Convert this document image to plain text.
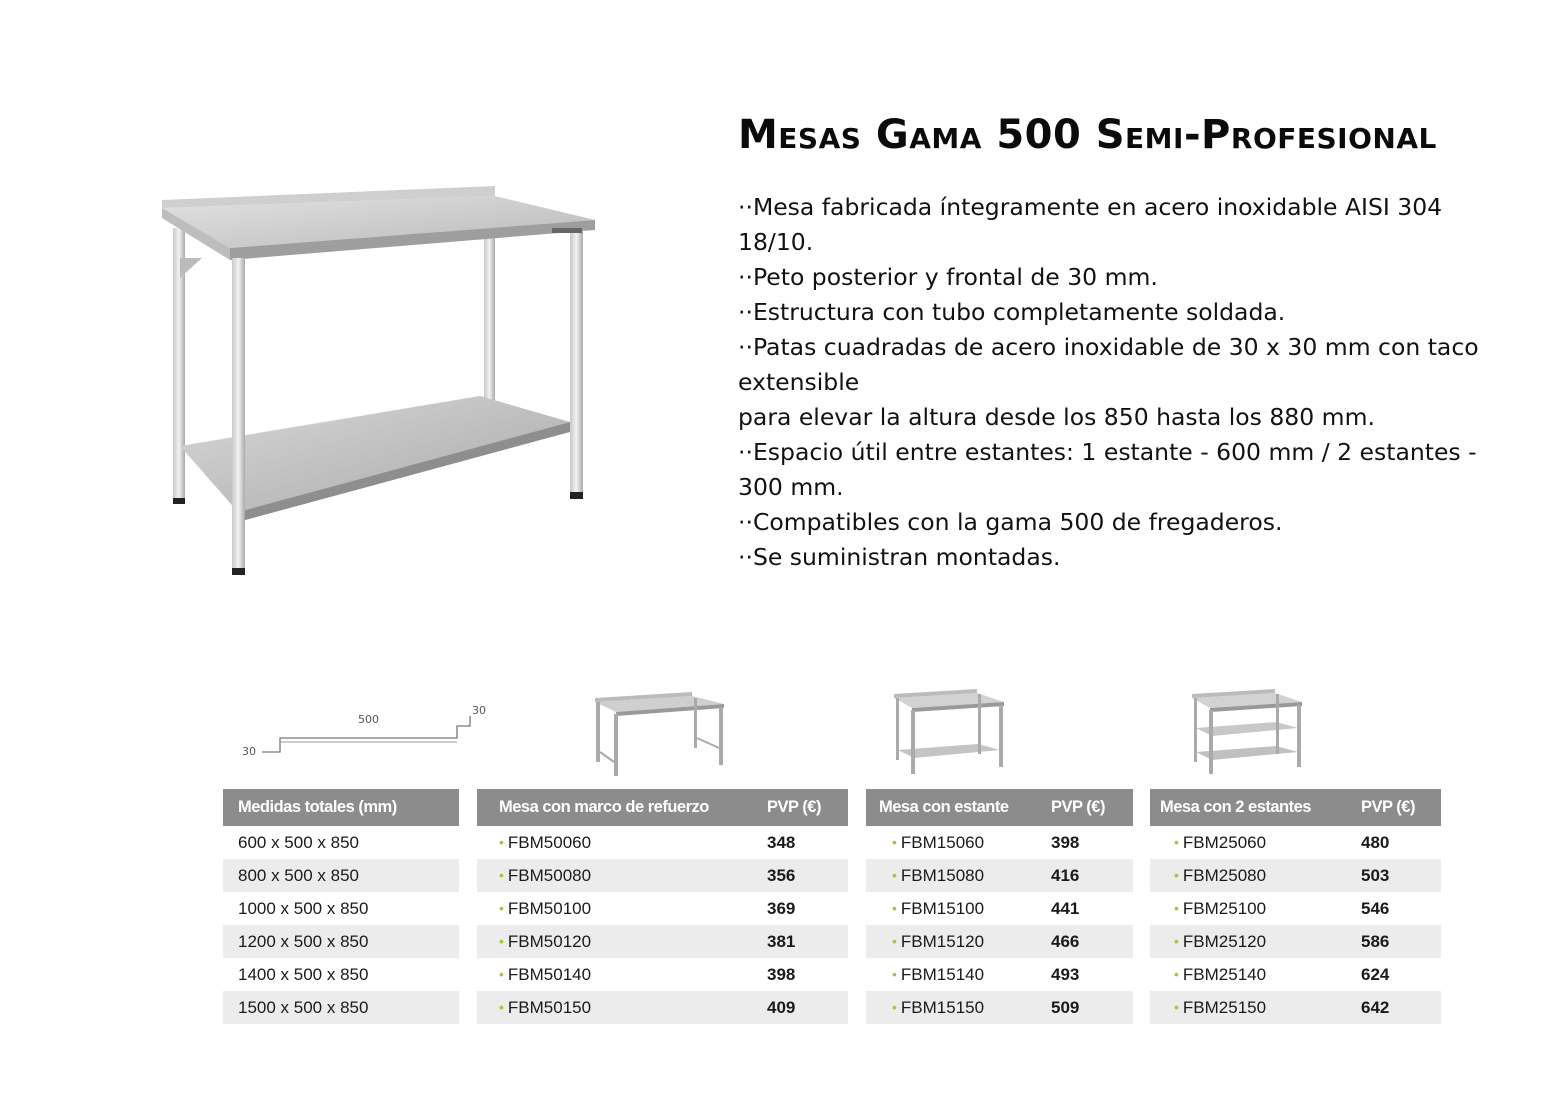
Mesas Gama 500 Semi-Profesional
··Mesa fabricada íntegramente en acero inoxidable AISI 304
18/10.
··Peto posterior y frontal de 30 mm.
··Estructura con tubo completamente soldada.
··Patas cuadradas de acero inoxidable de 30 x 30 mm con taco
extensible
para elevar la altura desde los 850 hasta los 880 mm.
··Espacio útil entre estantes: 1 estante - 600 mm / 2 estantes -
300 mm.
··Compatibles con la gama 500 de fregaderos.
··Se suministran montadas.
500
30
30
Medidas totales (mm)
600 x 500 x 850
800 x 500 x 850
1000 x 500 x 850
1200 x 500 x 850
1400 x 500 x 850
1500 x 500 x 850
Mesa con marco de refuerzo	PVP (€)
• FBM50060	348
• FBM50080	356
• FBM50100	369
• FBM50120	381
• FBM50140	398
• FBM50150	409
Mesa con estante	PVP (€)
• FBM15060	398
• FBM15080	416
• FBM15100	441
• FBM15120	466
• FBM15140	493
• FBM15150	509
Mesa con 2 estantes	PVP (€)
• FBM25060	480
• FBM25080	503
• FBM25100	546
• FBM25120	586
• FBM25140	624
• FBM25150	642
